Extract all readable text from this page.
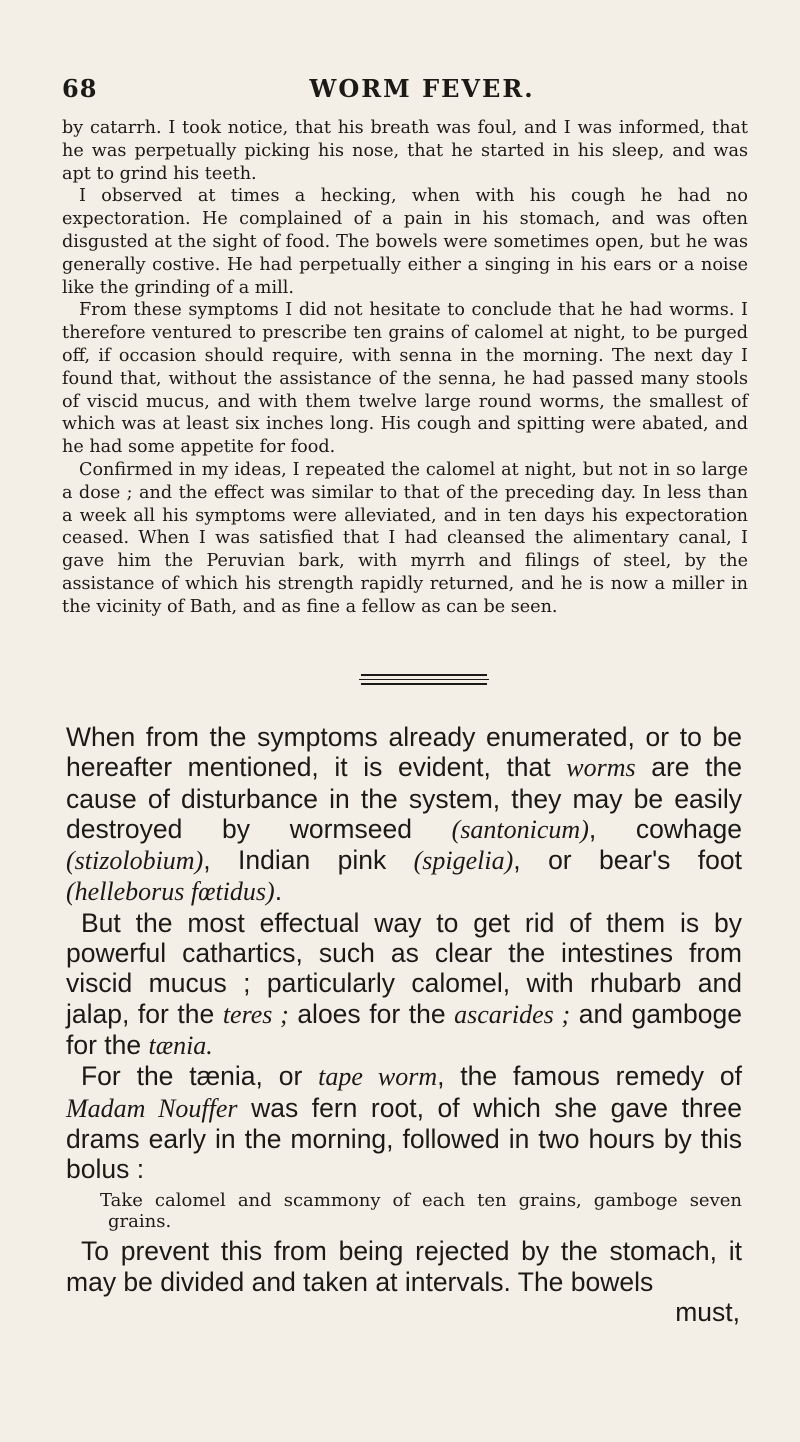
68	WORM FEVER.

by catarrh. I took notice, that his breath was foul, and I was informed, that he was perpetually picking his nose, that he started in his sleep, and was apt to grind his teeth.

I observed at times a hecking, when with his cough he had no expectoration. He complained of a pain in his stomach, and was often disgusted at the sight of food. The bowels were sometimes open, but he was generally costive. He had perpetually either a singing in his ears or a noise like the grinding of a mill.

From these symptoms I did not hesitate to conclude that he had worms. I therefore ventured to prescribe ten grains of calomel at night, to be purged off, if occasion should require, with senna in the morning. The next day I found that, without the assistance of the senna, he had passed many stools of viscid mucus, and with them twelve large round worms, the smallest of which was at least six inches long. His cough and spitting were abated, and he had some appetite for food.

Confirmed in my ideas, I repeated the calomel at night, but not in so large a dose ; and the effect was similar to that of the preceding day. In less than a week all his symptoms were alleviated, and in ten days his expectoration ceased. When I was satisfied that I had cleansed the alimentary canal, I gave him the Peruvian bark, with myrrh and filings of steel, by the assistance of which his strength rapidly returned, and he is now a miller in the vicinity of Bath, and as fine a fellow as can be seen.

When from the symptoms already enumerated, or to be hereafter mentioned, it is evident, that worms are the cause of disturbance in the system, they may be easily destroyed by wormseed (santonicum), cowhage (stizolobium), Indian pink (spigelia), or bear's foot (helleborus fœtidus).

But the most effectual way to get rid of them is by powerful cathartics, such as clear the intestines from viscid mucus ; particularly calomel, with rhubarb and jalap, for the teres ; aloes for the ascarides ; and gamboge for the tænia.

For the tænia, or tape worm, the famous remedy of Madam Nouffer was fern root, of which she gave three drams early in the morning, followed in two hours by this bolus :

Take calomel and scammony of each ten grains, gamboge seven grains.

To prevent this from being rejected by the stomach, it may be divided and taken at intervals. The bowels

must,
